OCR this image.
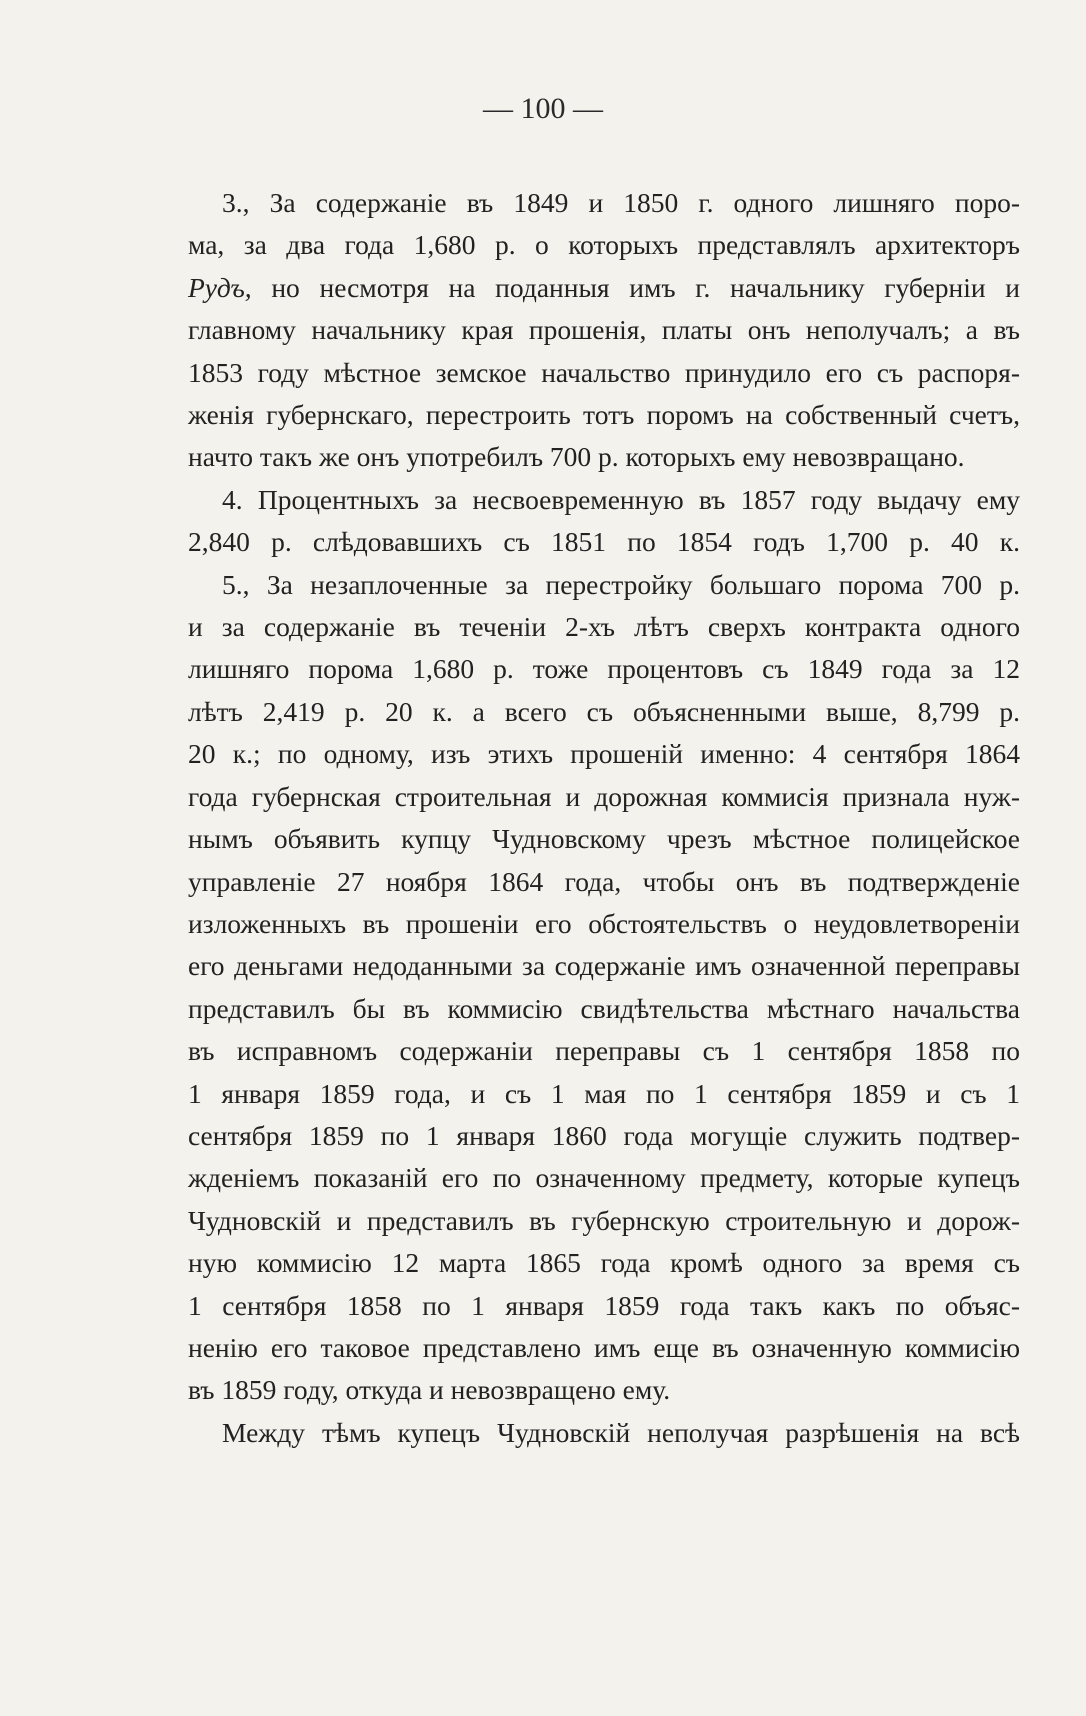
— 100 —

3., За содержаніе въ 1849 и 1850 г. одного лишняго поро-

ма, за два года 1,680 р. о которыхъ представлялъ архитекторъ

Рудъ, но несмотря на поданныя имъ г. начальнику губерніи и

главному начальнику края прошенія, платы онъ неполучалъ; а въ

1853 году мѣстное земское начальство принудило его съ распоря-

женія губернскаго, перестроить тотъ поромъ на собственный счетъ,

начто такъ же онъ употребилъ 700 р. которыхъ ему невозвращано.

4. Процентныхъ за несвоевременную въ 1857 году выдачу ему

2,840 р. слѣдовавшихъ съ 1851 по 1854 годъ 1,700 р. 40 к.

5., За незаплоченные за перестройку большаго порома 700 р.

и за содержаніе въ теченіи 2-хъ лѣтъ сверхъ контракта одного

лишняго порома 1,680 р. тоже процентовъ съ 1849 года за 12

лѣтъ 2,419 р. 20 к. а всего съ объясненными выше, 8,799 р.

20 к.; по одному, изъ этихъ прошеній именно: 4 сентября 1864

года губернская строительная и дорожная коммисія признала нуж-

нымъ объявить купцу Чудновскому чрезъ мѣстное полицейское

управленіе 27 ноября 1864 года, чтобы онъ въ подтвержденіе

изложенныхъ въ прошеніи его обстоятельствъ о неудовлетвореніи

его деньгами недоданными за содержаніе имъ означенной переправы

представилъ бы въ коммисію свидѣтельства мѣстнаго начальства

въ исправномъ содержаніи переправы съ 1 сентября 1858 по

1 января 1859 года, и съ 1 мая по 1 сентября 1859 и съ 1

сентября 1859 по 1 января 1860 года могущіе служить подтвер-

жденіемъ показаній его по означенному предмету, которые купецъ

Чудновскій и представилъ въ губернскую строительную и дорож-

ную коммисію 12 марта 1865 года кромѣ одного за время съ

1 сентября 1858 по 1 января 1859 года такъ какъ по объяс-

ненію его таковое представлено имъ еще въ означенную коммисію

въ 1859 году, откуда и невозвращено ему.

Между тѣмъ купецъ Чудновскій неполучая разрѣшенія на всѣ
